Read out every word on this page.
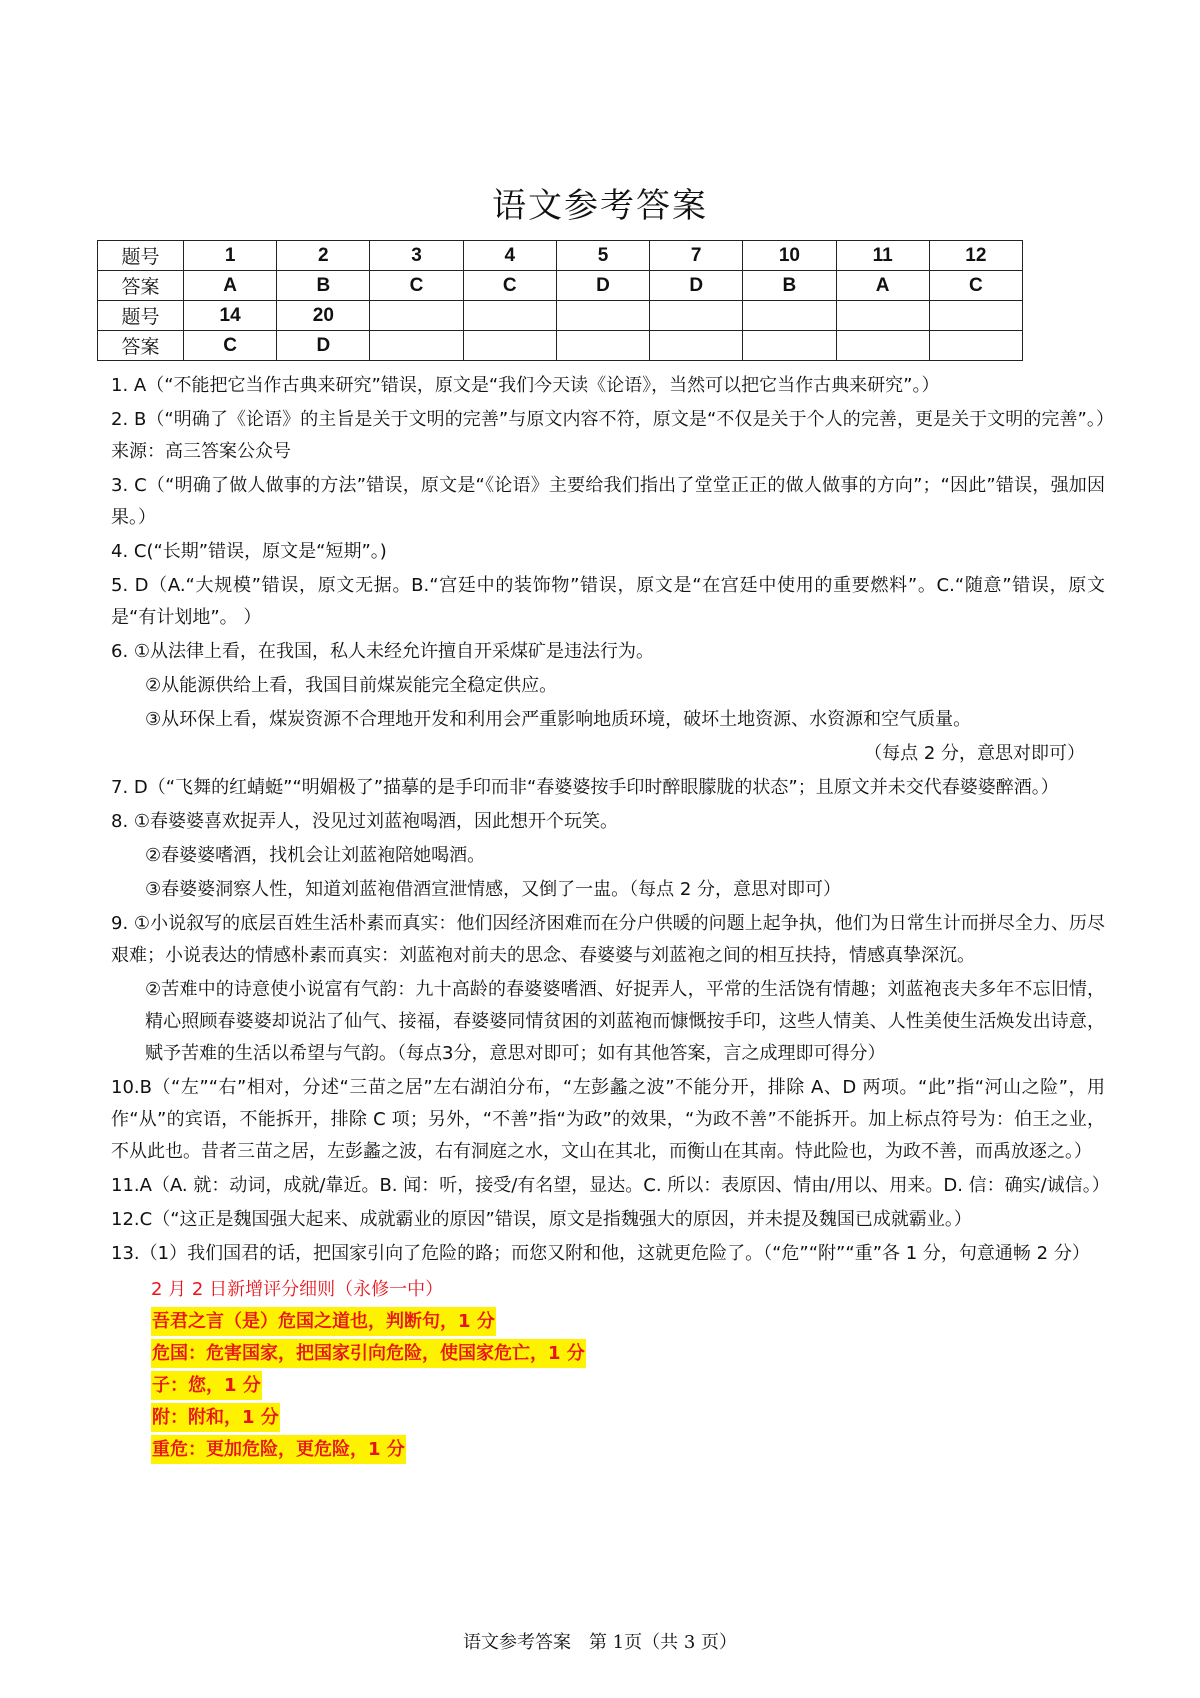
语文参考答案
题号	1	2	3	4	5	7	10	11	12
答案	A	B	C	C	D	D	B	A	C
题号	14	20							
答案	C	D							

1. A（“不能把它当作古典来研究”错误，原文是“我们今天读《论语》，当然可以把它当作古典来研究”。）

2. B（“明确了《论语》的主旨是关于文明的完善”与原文内容不符，原文是“不仅是关于个人的完善，更是关于文明的完善”。）来源：高三答案公众号

3. C（“明确了做人做事的方法”错误，原文是“《论语》主要给我们指出了堂堂正正的做人做事的方向”；“因此”错误，强加因果。）

4. C(“长期”错误，原文是“短期”。)

5. D（A.“大规模”错误，原文无据。B.“宫廷中的装饰物”错误，原文是“在宫廷中使用的重要燃料”。C.“随意”错误，原文是“有计划地”。 ）

6. ①从法律上看，在我国，私人未经允许擅自开采煤矿是违法行为。

②从能源供给上看，我国目前煤炭能完全稳定供应。

③从环保上看，煤炭资源不合理地开发和利用会严重影响地质环境，破坏土地资源、水资源和空气质量。

（每点 2 分，意思对即可）

7. D（“飞舞的红蜻蜓”“明媚极了”描摹的是手印而非“春婆婆按手印时醉眼朦胧的状态”；且原文并未交代春婆婆醉酒。）

8. ①春婆婆喜欢捉弄人，没见过刘蓝袍喝酒，因此想开个玩笑。

②春婆婆嗜酒，找机会让刘蓝袍陪她喝酒。

③春婆婆洞察人性，知道刘蓝袍借酒宣泄情感，又倒了一盅。（每点 2 分，意思对即可）

9. ①小说叙写的底层百姓生活朴素而真实：他们因经济困难而在分户供暖的问题上起争执，他们为日常生计而拼尽全力、历尽艰难；小说表达的情感朴素而真实：刘蓝袍对前夫的思念、春婆婆与刘蓝袍之间的相互扶持，情感真挚深沉。

②苦难中的诗意使小说富有气韵：九十高龄的春婆婆嗜酒、好捉弄人，平常的生活饶有情趣；刘蓝袍丧夫多年不忘旧情，精心照顾春婆婆却说沾了仙气、接福，春婆婆同情贫困的刘蓝袍而慷慨按手印，这些人情美、人性美使生活焕发出诗意，赋予苦难的生活以希望与气韵。（每点3分，意思对即可；如有其他答案，言之成理即可得分）

10.B（“左”“右”相对，分述“三苗之居”左右湖泊分布，“左彭蠡之波”不能分开，排除 A、D 两项。“此”指“河山之险”，用作“从”的宾语，不能拆开，排除 C 项；另外，“不善”指“为政”的效果，“为政不善”不能拆开。加上标点符号为：伯王之业，不从此也。昔者三苗之居，左彭蠡之波，右有洞庭之水，文山在其北，而衡山在其南。恃此险也，为政不善，而禹放逐之。）

11.A（A. 就：动词，成就/靠近。B. 闻：听，接受/有名望，显达。C. 所以：表原因、情由/用以、用来。D. 信：确实/诚信。）

12.C（“这正是魏国强大起来、成就霸业的原因”错误，原文是指魏强大的原因，并未提及魏国已成就霸业。）

13.（1）我们国君的话，把国家引向了危险的路；而您又附和他，这就更危险了。（“危”“附”“重”各 1 分，句意通畅 2 分）

2 月 2 日新增评分细则（永修一中）
吾君之言（是）危国之道也，判断句，1 分
危国：危害国家，把国家引向危险，使国家危亡，1 分
子：您，1 分
附：附和，1 分
重危：更加危险，更危险，1 分
语文参考答案　第 1页（共 3 页）
